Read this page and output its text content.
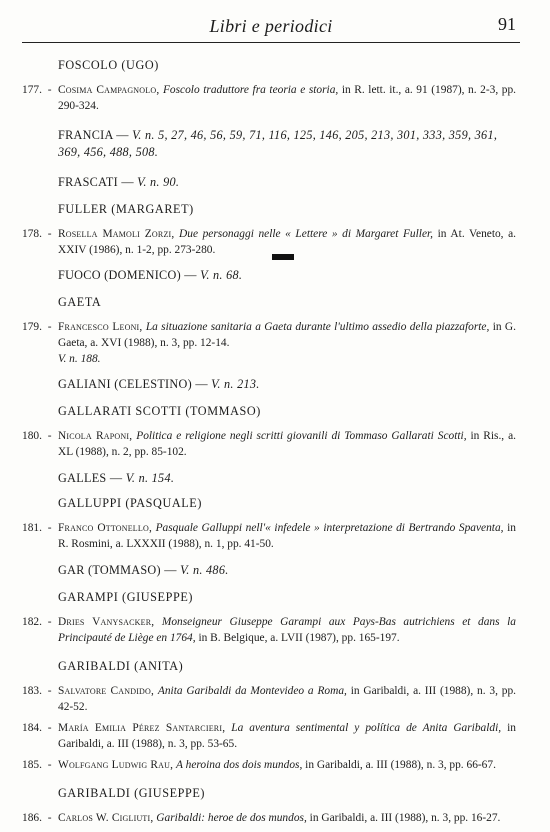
Libri e periodici	91
FOSCOLO (UGO)
177. - Cosima Campagnolo, Foscolo traduttore fra teoria e storia, in R. lett. it., a. 91 (1987), n. 2-3, pp. 290-324.
FRANCIA — V. n. 5, 27, 46, 56, 59, 71, 116, 125, 146, 205, 213, 301, 333, 359, 361, 369, 456, 488, 508.
FRASCATI — V. n. 90.
FULLER (MARGARET)
178. - Rosella Mamoli Zorzi, Due personaggi nelle « Lettere » di Margaret Fuller, in At. Veneto, a. XXIV (1986), n. 1-2, pp. 273-280.
FUOCO (DOMENICO) — V. n. 68.
GAETA
179. - Francesco Leoni, La situazione sanitaria a Gaeta durante l'ultimo assedio della piazzaforte, in G. Gaeta, a. XVI (1988), n. 3, pp. 12-14.
V. n. 188.
GALIANI (CELESTINO) — V. n. 213.
GALLARATI SCOTTI (TOMMASO)
180. - Nicola Raponi, Politica e religione negli scritti giovanili di Tommaso Gallarati Scotti, in Ris., a. XL (1988), n. 2, pp. 85-102.
GALLES — V. n. 154.
GALLUPPI (PASQUALE)
181. - Franco Ottonello, Pasquale Galluppi nell'« infedele » interpretazione di Bertrando Spaventa, in R. Rosmini, a. LXXXII (1988), n. 1, pp. 41-50.
GAR (TOMMASO) — V. n. 486.
GARAMPI (GIUSEPPE)
182. - Dries Vanysacker, Monseigneur Giuseppe Garampi aux Pays-Bas autrichiens et dans la Principauté de Liège en 1764, in B. Belgique, a. LVII (1987), pp. 165-197.
GARIBALDI (ANITA)
183. - Salvatore Candido, Anita Garibaldi da Montevideo a Roma, in Garibaldi, a. III (1988), n. 3, pp. 42-52.
184. - María Emilia Pérez Santarcieri, La aventura sentimental y política de Anita Garibaldi, in Garibaldi, a. III (1988), n. 3, pp. 53-65.
185. - Wolfgang Ludwig Rau, A heroina dos dois mundos, in Garibaldi, a. III (1988), n. 3, pp. 66-67.
GARIBALDI (GIUSEPPE)
186. - Carlos W. Cigliuti, Garibaldi: heroe de dos mundos, in Garibaldi, a. III (1988), n. 3, pp. 16-27.
